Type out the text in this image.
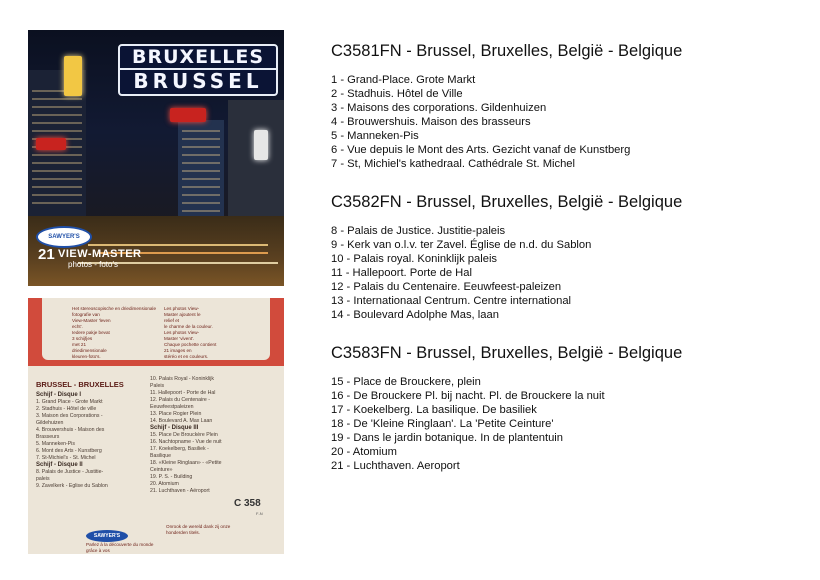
BRUXELLES
BRUSSEL
SAWYER'S
21 VIEW-MASTER
photos - foto's
Het stereoscopische en driedimensionale
fotografie van
View-Master 'leven
echt'.
Iedere pakje bevat
3 schijfjes
met 21
driedimensionale
kleuren-foto's.
Les photos View-
Master ajoutent le
relief et
le charme de la couleur.
Les photos View-
Master 'vivent'.
Chaque pochette contient
21 images en
stéréo et en couleurs.
BRUSSEL - BRUXELLES
Schijf - Disque I
1. Grand Place - Grote Markt
2. Stadhuis - Hôtel de ville
3. Maison des Corporations -
Gildehuizen
4. Brouwershuis - Maison des
Brasseurs
5. Manneken-Pis
6. Mont des Arts - Kunstberg
7. St-Michiel's - St. Michel
Schijf - Disque II
8. Palais de Justice - Justitie-
paleis
9. Zavelkerk - Eglise du Sablon
10. Palais Royal - Koninklijk
Paleis
11. Hallepoort - Porte de Hal
12. Palais du Centenaire -
Eeuwfeestpaleizen
13. Place Rogier Plein
14. Boulevard A. Max Laan
Schijf - Disque III
15. Place De Brouckère Plein
16. Nachtopname - Vue de nuit
17. Koekelberg, Basiliek -
Basilique
18. «Kleine Ringlaan» - «Petite
Ceinture»
19. P. S. - Building
20. Atomium
21. Luchthaven - Aéroport
C 358
F-N
SAWYER'S
Parlez à la découverte du monde grâce à vos
Onrook de wereld dank zij onze honderden titels.
C3581FN - Brussel, Bruxelles, België - Belgique
1 - Grand-Place. Grote Markt
2 - Stadhuis. Hôtel de Ville
3 - Maisons des corporations. Gildenhuizen
4 - Brouwershuis. Maison des brasseurs
5 - Manneken-Pis
6 - Vue depuis le Mont des Arts. Gezicht vanaf de Kunstberg
7 - St, Michiel's kathedraal. Cathédrale St. Michel
C3582FN - Brussel, Bruxelles, België - Belgique
8 - Palais de Justice. Justitie-paleis
9 - Kerk van o.l.v. ter Zavel. Église de n.d. du Sablon
10 - Palais royal. Koninklijk paleis
11 - Hallepoort. Porte de Hal
12 - Palais du Centenaire. Eeuwfeest-paleizen
13 - Internationaal Centrum. Centre international
14 - Boulevard Adolphe Mas, laan
C3583FN - Brussel, Bruxelles, België - Belgique
15 - Place de Brouckere, plein
16 - De Brouckere Pl. bij nacht. Pl. de Brouckere la nuit
17 - Koekelberg. La basilique. De basiliek
18 - De 'Kleine Ringlaan'. La 'Petite Ceinture'
19 - Dans le jardin botanique. In de plantentuin
20 - Atomium
21 - Luchthaven. Aeroport
